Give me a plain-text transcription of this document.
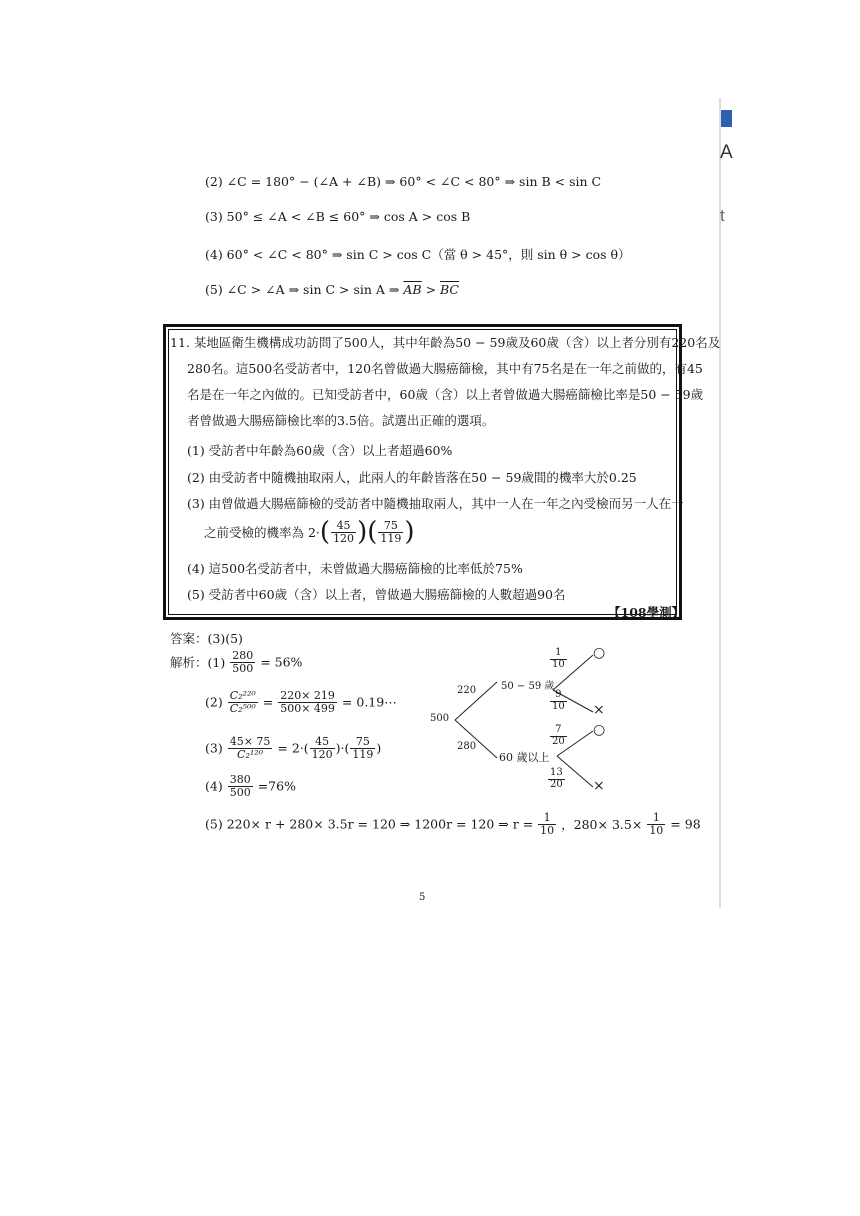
A
t
(2) ∠C = 180° − (∠A + ∠B) ⇒ 60° < ∠C < 80° ⇒ sin B < sin C
(3) 50° ≤ ∠A < ∠B ≤ 60° ⇒ cos A > cos B
(4) 60° < ∠C < 80° ⇒ sin C > cos C（當 θ > 45°，則 sin θ > cos θ）
(5) ∠C > ∠A ⇒ sin C > sin A ⇒ $\overline{AB} > \overline{BC}$
11. 某地區衛生機構成功訪問了500人，其中年齡為50 − 59歲及60歲（含）以上者分別有220名及
280名。這500名受訪者中，120名曾做過大腸癌篩檢，其中有75名是在一年之前做的，有45
名是在一年之內做的。已知受訪者中，60歲（含）以上者曾做過大腸癌篩檢比率是50 − 59歲
者曾做過大腸癌篩檢比率的3.5倍。試選出正確的選項。
(1) 受訪者中年齡為60歲（含）以上者超過60%
(2) 由受訪者中隨機抽取兩人，此兩人的年齡皆落在50 − 59歲間的機率大於0.25
(3) 由曾做過大腸癌篩檢的受訪者中隨機抽取兩人，其中一人在一年之內受檢而另一人在一
之前受檢的機率為 $2\cdot( \frac{45}{120}$ )( $\frac{75}{119}$ )
(4) 這500名受訪者中，未曾做過大腸癌篩檢的比率低於75%
(5) 受訪者中60歲（含）以上者，曾做過大腸癌篩檢的人數超過90名
【108學測】
答案：(3)(5)
解析：$(1) \frac{280}{500} = 56\%$
$(2) \frac{\text{C₂²²⁰}}{\text{C₂⁵⁰⁰}} = \frac{220\times 219}{500\times 499}$ = 0.19⋯
$(3) \frac{45\times 75}{\text{C₂¹²⁰}} = 2\cdot( \frac{45}{120}$ )·( $\frac{75}{119}$ )
$(4) \frac{380}{500} =76\%$
(5) 220× r + 280× 3.5r = 120 ⇒ 1200r = 120 ⇒ $r = \frac{1}{10}$ ，$280\times 3.5\times \frac{1}{10} = 98$
500
220 50 − 59 歲
280
60 歲以上
$\frac{1}{10}$
$\frac{9}{10}$
$\frac{7}{20}$
$\frac{13}{20}$
○
×
○
×
5
